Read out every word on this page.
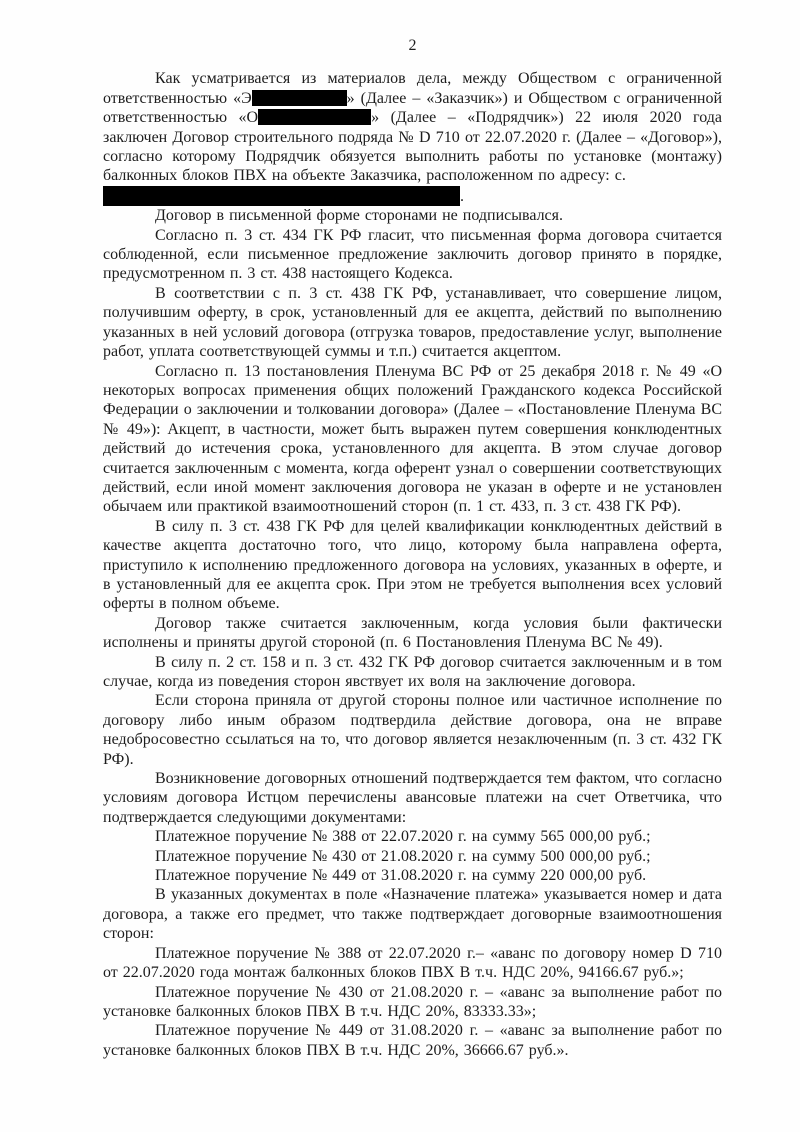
2

Как усматривается из материалов дела, между Обществом с ограниченной ответственностью «Э	» (Далее – «Заказчик») и Обществом с ограниченной ответственностью «О	» (Далее – «Подрядчик») 22 июля 2020 года заключен Договор строительного подряда № D 710 от 22.07.2020 г. (Далее – «Договор»), согласно которому Подрядчик обязуется выполнить работы по установке (монтажу) балконных блоков ПВХ на объекте Заказчика, расположенном по адресу: с.

.

Договор в письменной форме сторонами не подписывался.

Согласно п. 3 ст. 434 ГК РФ гласит, что письменная форма договора считается соблюденной, если письменное предложение заключить договор принято в порядке, предусмотренном п. 3 ст. 438 настоящего Кодекса.

В соответствии с п. 3 ст. 438 ГК РФ, устанавливает, что совершение лицом, получившим оферту, в срок, установленный для ее акцепта, действий по выполнению указанных в ней условий договора (отгрузка товаров, предоставление услуг, выполнение работ, уплата соответствующей суммы и т.п.) считается акцептом.

Согласно п. 13 постановления Пленума ВС РФ от 25 декабря 2018 г. № 49 «О некоторых вопросах применения общих положений Гражданского кодекса Российской Федерации о заключении и толковании договора» (Далее – «Постановление Пленума ВС № 49»): Акцепт, в частности, может быть выражен путем совершения конклюдентных действий до истечения срока, установленного для акцепта. В этом случае договор считается заключенным с момента, когда оферент узнал о совершении соответствующих действий, если иной момент заключения договора не указан в оферте и не установлен обычаем или практикой взаимоотношений сторон (п. 1 ст. 433, п. 3 ст. 438 ГК РФ).

В силу п. 3 ст. 438 ГК РФ для целей квалификации конклюдентных действий в качестве акцепта достаточно того, что лицо, которому была направлена оферта, приступило к исполнению предложенного договора на условиях, указанных в оферте, и в установленный для ее акцепта срок. При этом не требуется выполнения всех условий оферты в полном объеме.

Договор также считается заключенным, когда условия были фактически исполнены и приняты другой стороной (п. 6 Постановления Пленума ВС № 49).

В силу п. 2 ст. 158 и п. 3 ст. 432 ГК РФ договор считается заключенным и в том случае, когда из поведения сторон явствует их воля на заключение договора.

Если сторона приняла от другой стороны полное или частичное исполнение по договору либо иным образом подтвердила действие договора, она не вправе недобросовестно ссылаться на то, что договор является незаключенным (п. 3 ст. 432 ГК РФ).

Возникновение договорных отношений подтверждается тем фактом, что согласно условиям договора Истцом перечислены авансовые платежи на счет Ответчика, что подтверждается следующими документами:

Платежное поручение № 388 от 22.07.2020 г. на сумму 565 000,00 руб.;

Платежное поручение № 430 от 21.08.2020 г. на сумму 500 000,00 руб.;

Платежное поручение № 449 от 31.08.2020 г. на сумму 220 000,00 руб.

В указанных документах в поле «Назначение платежа» указывается номер и дата договора, а также его предмет, что также подтверждает договорные взаимоотношения сторон:

Платежное поручение № 388 от 22.07.2020 г.– «аванс по договору номер D 710 от 22.07.2020 года монтаж балконных блоков ПВХ В т.ч. НДС 20%, 94166.67 руб.»;

Платежное поручение № 430 от 21.08.2020 г. – «аванс за выполнение работ по установке балконных блоков ПВХ В т.ч. НДС 20%, 83333.33»;

Платежное поручение № 449 от 31.08.2020 г. – «аванс за выполнение работ по установке балконных блоков ПВХ В т.ч. НДС 20%, 36666.67 руб.».
